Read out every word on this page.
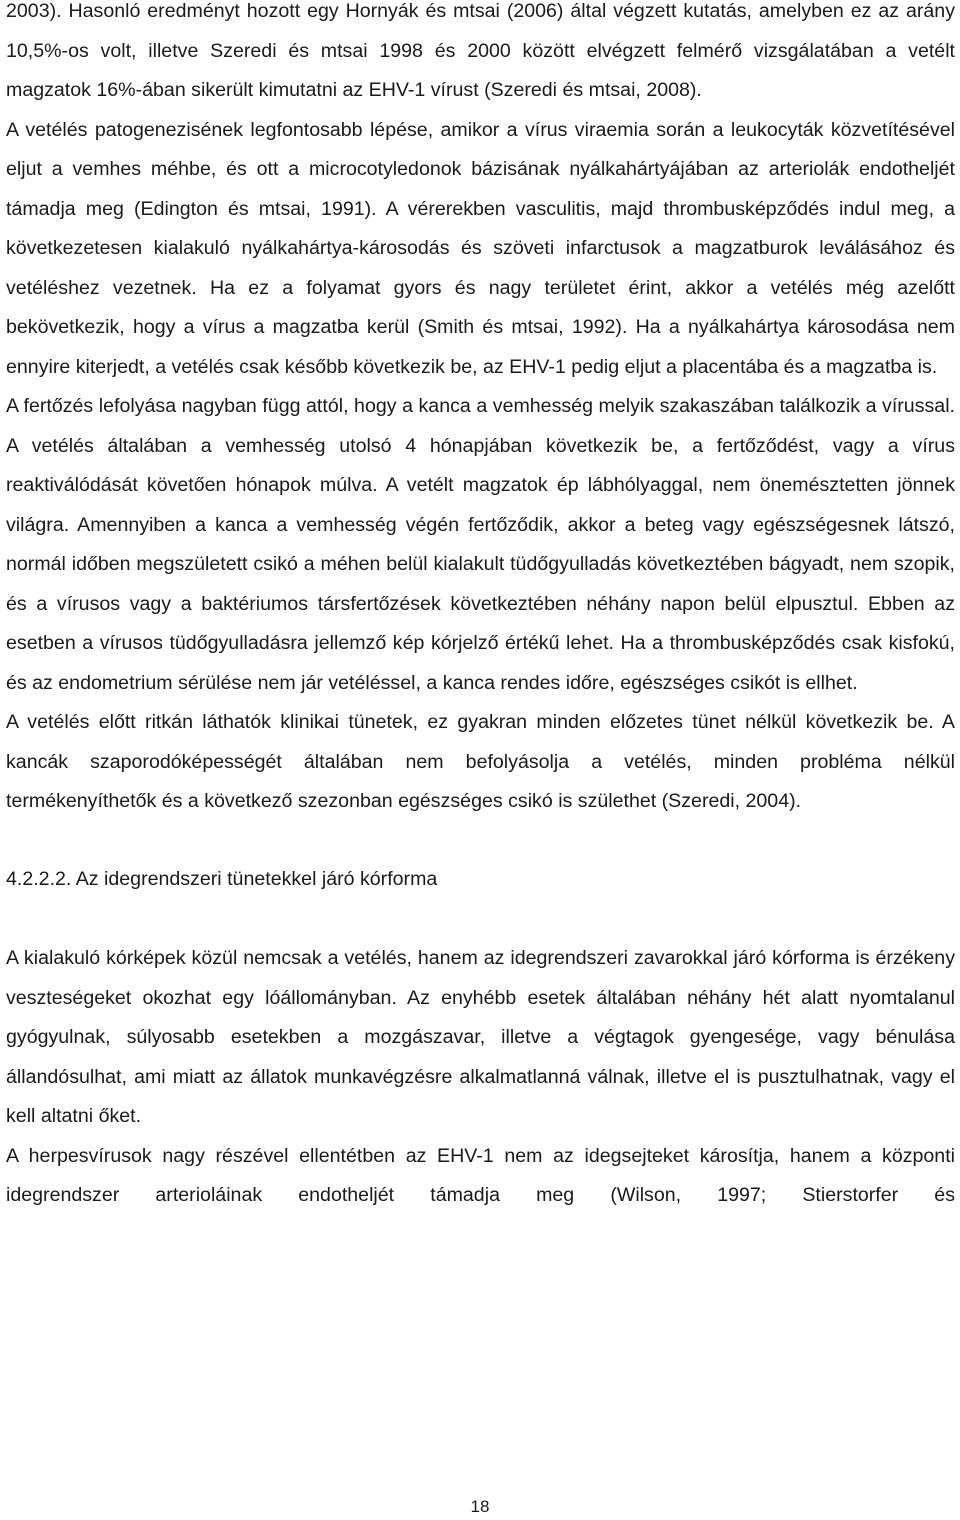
2003). Hasonló eredményt hozott egy Hornyák és mtsai (2006) által végzett kutatás, amelyben ez az arány 10,5%-os volt, illetve Szeredi és mtsai 1998 és 2000 között elvégzett felmérő vizsgálatában a vetélt magzatok 16%-ában sikerült kimutatni az EHV-1 vírust (Szeredi és mtsai, 2008).

A vetélés patogenezisének legfontosabb lépése, amikor a vírus viraemia során a leukocyták közvetítésével eljut a vemhes méhbe, és ott a microcotyledonok bázisának nyálkahártyájában az arteriolák endotheljét támadja meg (Edington és mtsai, 1991). A vérerekben vasculitis, majd thrombusképződés indul meg, a következetesen kialakuló nyálkahártya-károsodás és szöveti infarctusok a magzatburok leválásához és vetéléshez vezetnek. Ha ez a folyamat gyors és nagy területet érint, akkor a vetélés még azelőtt bekövetkezik, hogy a vírus a magzatba kerül (Smith és mtsai, 1992). Ha a nyálkahártya károsodása nem ennyire kiterjedt, a vetélés csak később következik be, az EHV-1 pedig eljut a placentába és a magzatba is.

A fertőzés lefolyása nagyban függ attól, hogy a kanca a vemhesség melyik szakaszában találkozik a vírussal. A vetélés általában a vemhesség utolsó 4 hónapjában következik be, a fertőződést, vagy a vírus reaktiválódását követően hónapok múlva. A vetélt magzatok ép lábhólyaggal, nem önemésztetten jönnek világra. Amennyiben a kanca a vemhesség végén fertőződik, akkor a beteg vagy egészségesnek látszó, normál időben megszületett csikó a méhen belül kialakult tüdőgyulladás következtében bágyadt, nem szopik, és a vírusos vagy a baktériumos társfertőzések következtében néhány napon belül elpusztul. Ebben az esetben a vírusos tüdőgyulladásra jellemző kép kórjelző értékű lehet. Ha a thrombusképződés csak kisfokú, és az endometrium sérülése nem jár vetéléssel, a kanca rendes időre, egészséges csikót is ellhet.

A vetélés előtt ritkán láthatók klinikai tünetek, ez gyakran minden előzetes tünet nélkül következik be. A kancák szaporodóképességét általában nem befolyásolja a vetélés, minden probléma nélkül termékenyíthetők és a következő szezonban egészséges csikó is születhet (Szeredi, 2004).

4.2.2.2. Az idegrendszeri tünetekkel járó kórforma

A kialakuló kórképek közül nemcsak a vetélés, hanem az idegrendszeri zavarokkal járó kórforma is érzékeny veszteségeket okozhat egy lóállományban. Az enyhébb esetek általában néhány hét alatt nyomtalanul gyógyulnak, súlyosabb esetekben a mozgászavar, illetve a végtagok gyengesége, vagy bénulása állandósulhat, ami miatt az állatok munkavégzésre alkalmatlanná válnak, illetve el is pusztulhatnak, vagy el kell altatni őket.

A herpesvírusok nagy részével ellentétben az EHV-1 nem az idegsejteket károsítja, hanem a központi idegrendszer arterioláinak endotheljét támadja meg (Wilson, 1997; Stierstorfer és

18
